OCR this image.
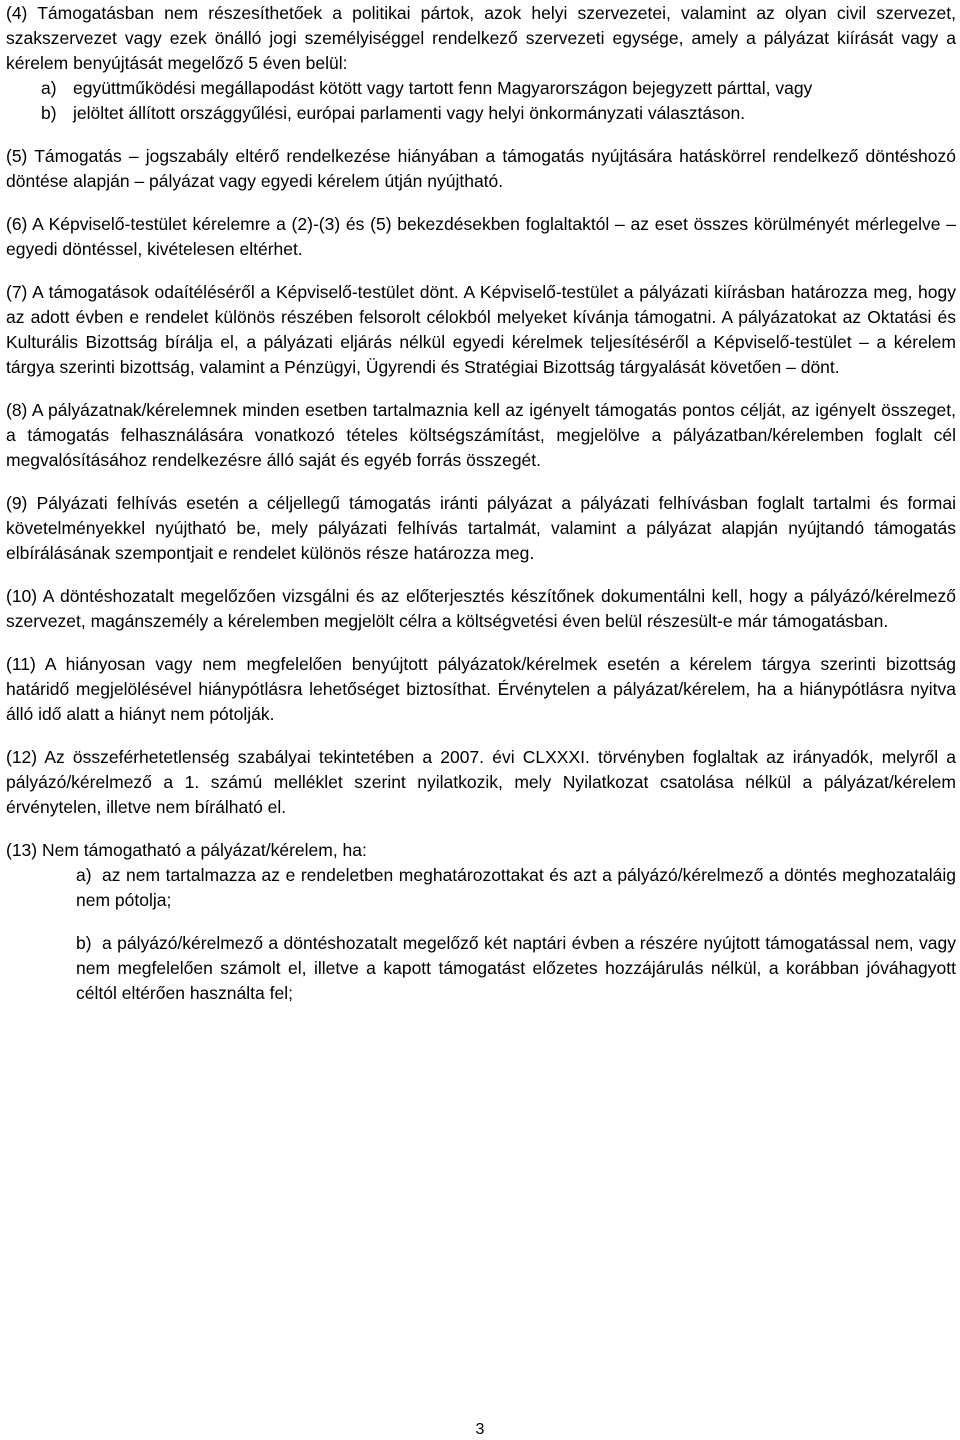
(4) Támogatásban nem részesíthetőek a politikai pártok, azok helyi szervezetei, valamint az olyan civil szervezet, szakszervezet vagy ezek önálló jogi személyiséggel rendelkező szervezeti egysége, amely a pályázat kiírását vagy a kérelem benyújtását megelőző 5 éven belül:

a) együttműködési megállapodást kötött vagy tartott fenn Magyarországon bejegyzett párttal, vagy

b) jelöltet állított országgyűlési, európai parlamenti vagy helyi önkormányzati választáson.

(5) Támogatás – jogszabály eltérő rendelkezése hiányában a támogatás nyújtására hatáskörrel rendelkező döntéshozó döntése alapján – pályázat vagy egyedi kérelem útján nyújtható.

(6) A Képviselő-testület kérelemre a (2)-(3) és (5) bekezdésekben foglaltaktól – az eset összes körülményét mérlegelve – egyedi döntéssel, kivételesen eltérhet.

(7) A támogatások odaítéléséről a Képviselő-testület dönt. A Képviselő-testület a pályázati kiírásban határozza meg, hogy az adott évben e rendelet különös részében felsorolt célokból melyeket kívánja támogatni. A pályázatokat az Oktatási és Kulturális Bizottság bírálja el, a pályázati eljárás nélkül egyedi kérelmek teljesítéséről a Képviselő-testület – a kérelem tárgya szerinti bizottság, valamint a Pénzügyi, Ügyrendi és Stratégiai Bizottság tárgyalását követően – dönt.

(8) A pályázatnak/kérelemnek minden esetben tartalmaznia kell az igényelt támogatás pontos célját, az igényelt összeget, a támogatás felhasználására vonatkozó tételes költségszámítást, megjelölve a pályázatban/kérelemben foglalt cél megvalósításához rendelkezésre álló saját és egyéb forrás összegét.

(9) Pályázati felhívás esetén a céljellegű támogatás iránti pályázat a pályázati felhívásban foglalt tartalmi és formai követelményekkel nyújtható be, mely pályázati felhívás tartalmát, valamint a pályázat alapján nyújtandó támogatás elbírálásának szempontjait e rendelet különös része határozza meg.

(10) A döntéshozatalt megelőzően vizsgálni és az előterjesztés készítőnek dokumentálni kell, hogy a pályázó/kérelmező szervezet, magánszemély a kérelemben megjelölt célra a költségvetési éven belül részesült-e már támogatásban.

(11) A hiányosan vagy nem megfelelően benyújtott pályázatok/kérelmek esetén a kérelem tárgya szerinti bizottság határidő megjelölésével hiánypótlásra lehetőséget biztosíthat. Érvénytelen a pályázat/kérelem, ha a hiánypótlásra nyitva álló idő alatt a hiányt nem pótolják.

(12) Az összeférhetetlenség szabályai tekintetében a 2007. évi CLXXXI. törvényben foglaltak az irányadók, melyről a pályázó/kérelmező a 1. számú melléklet szerint nyilatkozik, mely Nyilatkozat csatolása nélkül a pályázat/kérelem érvénytelen, illetve nem bírálható el.

(13) Nem támogatható a pályázat/kérelem, ha:

a) az nem tartalmazza az e rendeletben meghatározottakat és azt a pályázó/kérelmező a döntés meghozataláig nem pótolja;

b) a pályázó/kérelmező a döntéshozatalt megelőző két naptári évben a részére nyújtott támogatással nem, vagy nem megfelelően számolt el, illetve a kapott támogatást előzetes hozzájárulás nélkül, a korábban jóváhagyott céltól eltérően használta fel;

3
